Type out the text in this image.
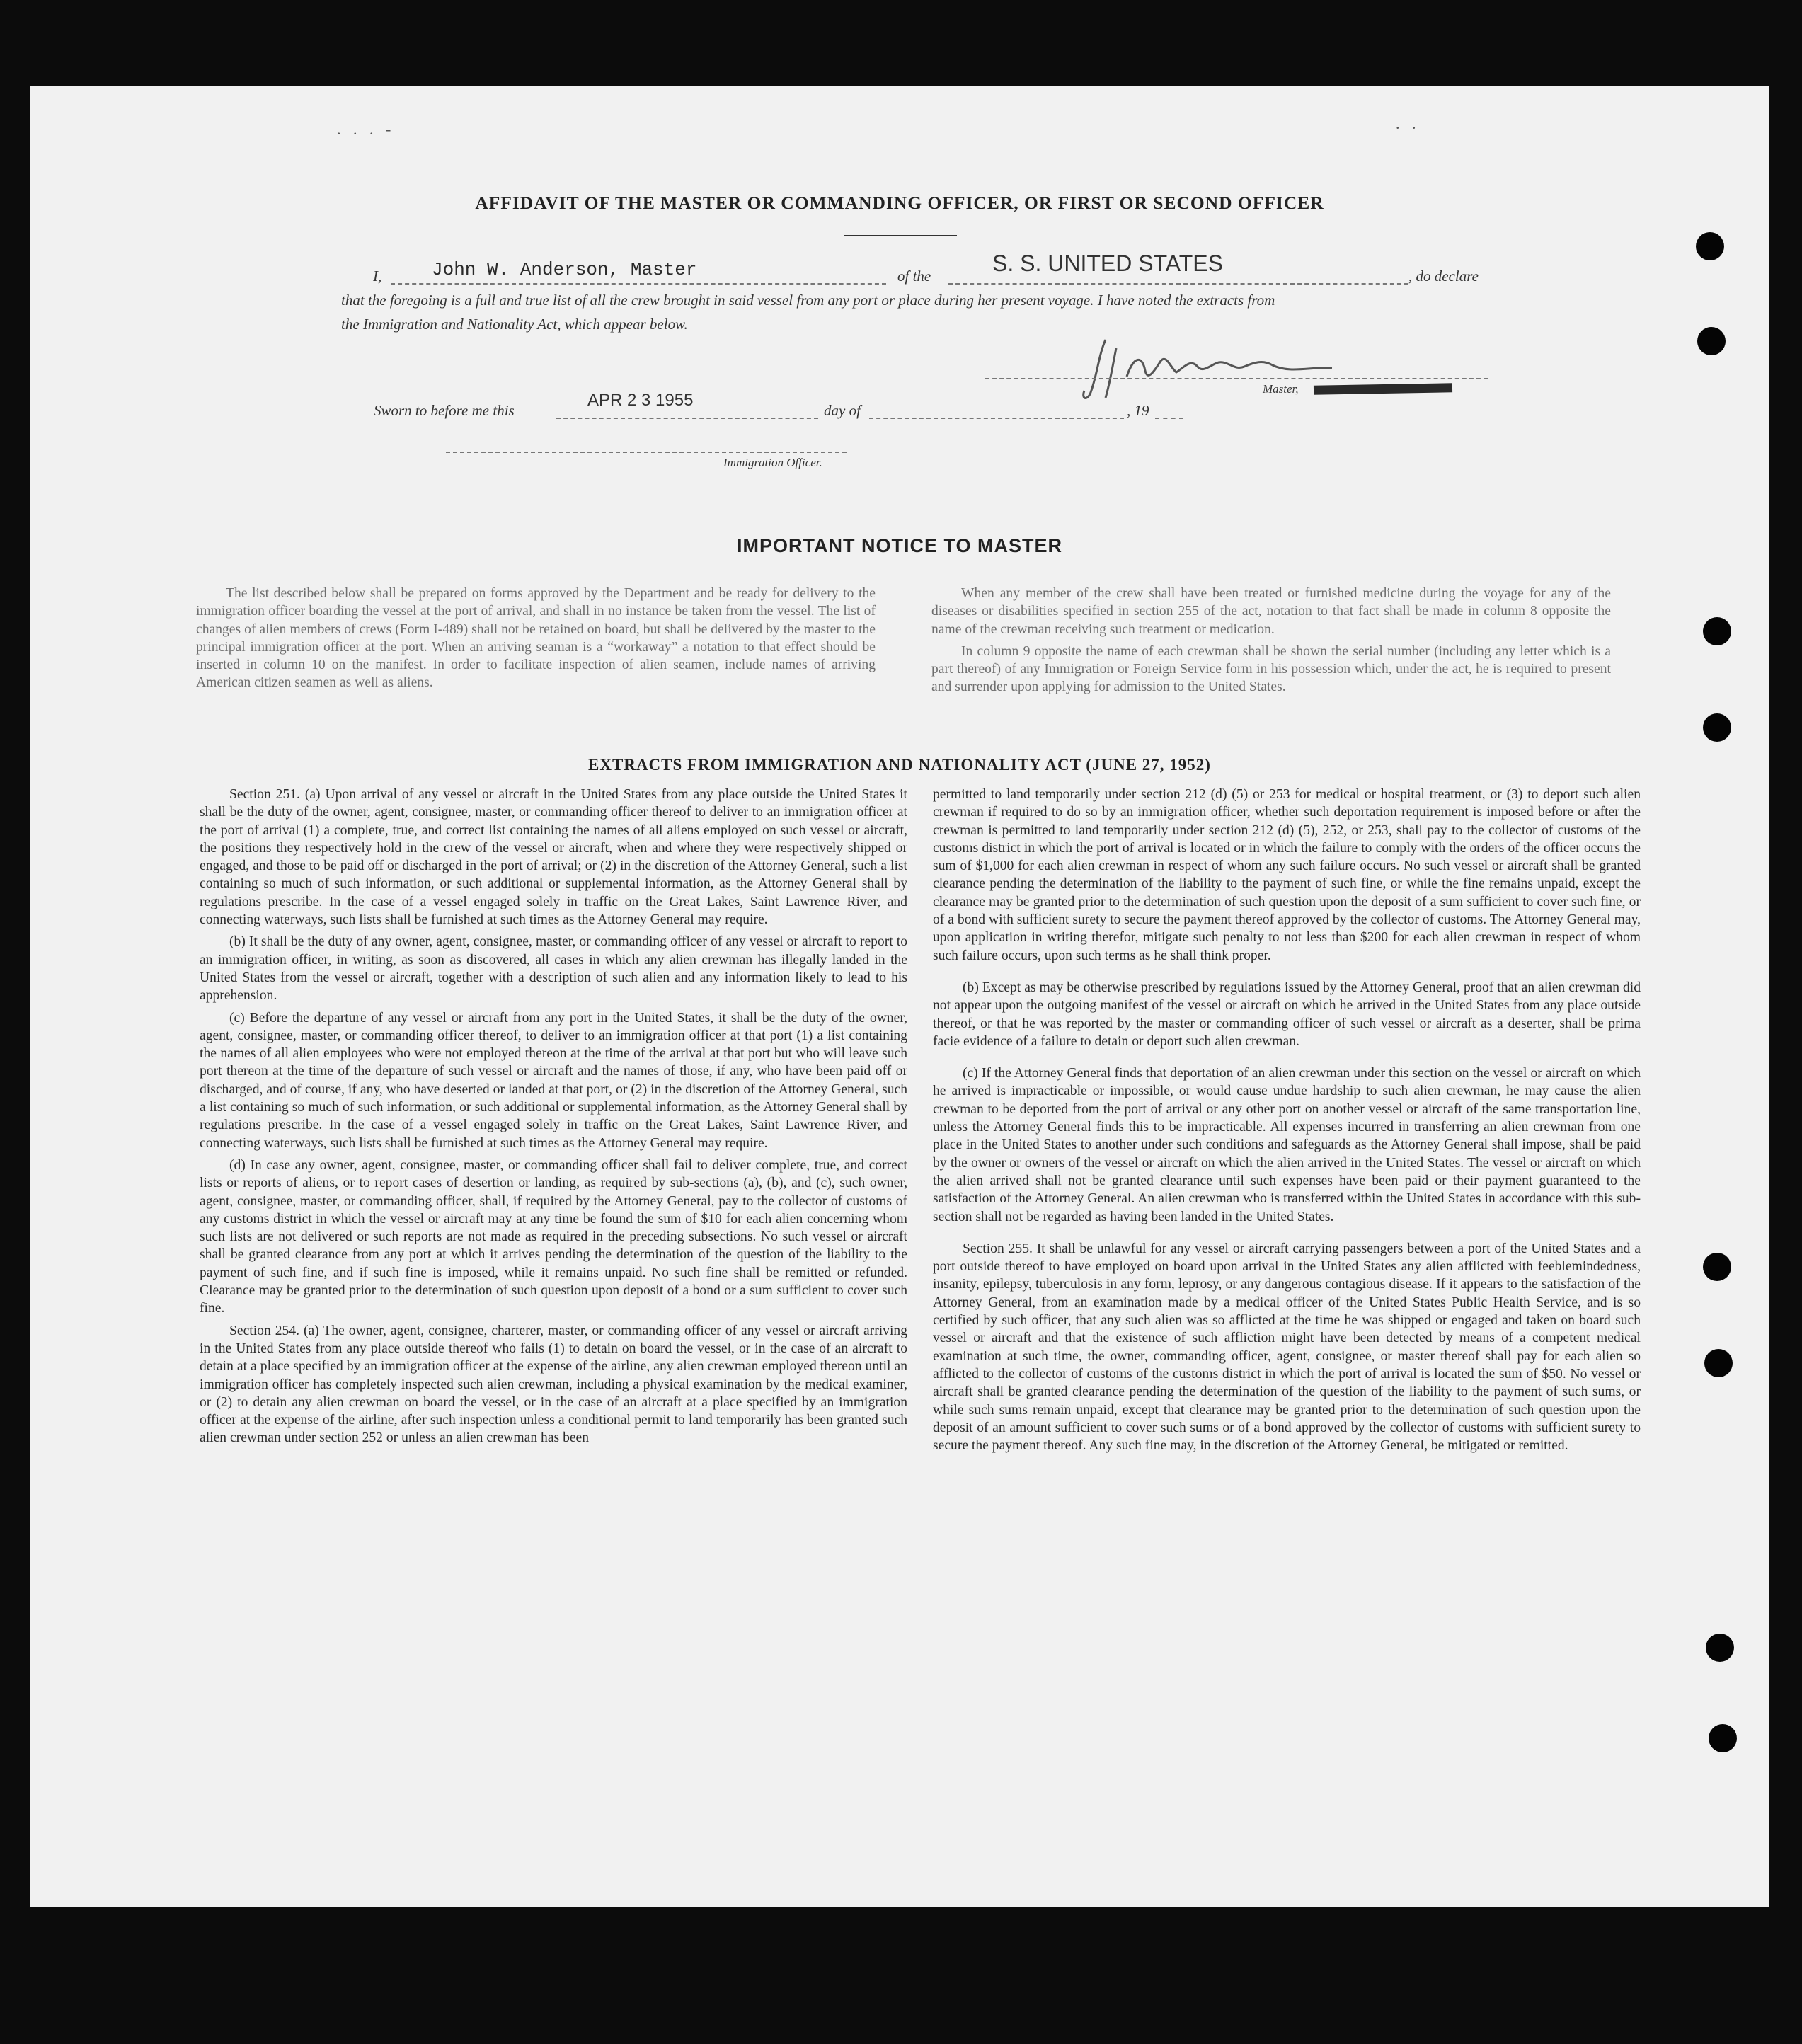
. . . -	. .
AFFIDAVIT OF THE MASTER OR COMMANDING OFFICER, OR FIRST OR SECOND OFFICER
I,	John W. Anderson, Master	of the	S. S. UNITED STATES	, do declare
that the foregoing is a full and true list of all the crew brought in said vessel from any port or place during her present voyage. I have noted the extracts from
the Immigration and Nationality Act, which appear below.
Master,
Sworn to before me this
APR 2 3 1955
day of	, 19
Immigration Officer.
IMPORTANT NOTICE TO MASTER

The list described below shall be prepared on forms approved by the Department and be ready for delivery to the immigration officer boarding the vessel at the port of arrival, and shall in no instance be taken from the vessel. The list of changes of alien members of crews (Form I-489) shall not be retained on board, but shall be delivered by the master to the principal immigration officer at the port. When an arriving seaman is a “workaway” a notation to that effect should be inserted in column 10 on the manifest. In order to facilitate inspection of alien seamen, include names of arriving American citizen seamen as well as aliens.

When any member of the crew shall have been treated or furnished medicine during the voyage for any of the diseases or disabilities specified in section 255 of the act, notation to that fact shall be made in column 8 opposite the name of the crewman receiving such treatment or medication.

In column 9 opposite the name of each crewman shall be shown the serial number (including any letter which is a part thereof) of any Immigration or Foreign Service form in his possession which, under the act, he is required to present and surrender upon applying for admission to the United States.

EXTRACTS FROM IMMIGRATION AND NATIONALITY ACT (JUNE 27, 1952)

Section 251. (a) Upon arrival of any vessel or aircraft in the United States from any place outside the United States it shall be the duty of the owner, agent, consignee, master, or commanding officer thereof to deliver to an immigration officer at the port of arrival (1) a complete, true, and correct list containing the names of all aliens employed on such vessel or aircraft, the positions they respectively hold in the crew of the vessel or aircraft, when and where they were respectively shipped or engaged, and those to be paid off or discharged in the port of arrival; or (2) in the discretion of the Attorney General, such a list containing so much of such information, or such additional or supplemental information, as the Attorney General shall by regulations prescribe. In the case of a vessel engaged solely in traffic on the Great Lakes, Saint Lawrence River, and connecting waterways, such lists shall be furnished at such times as the Attorney General may require.

(b) It shall be the duty of any owner, agent, consignee, master, or commanding officer of any vessel or aircraft to report to an immigration officer, in writing, as soon as discovered, all cases in which any alien crewman has illegally landed in the United States from the vessel or aircraft, together with a description of such alien and any information likely to lead to his apprehension.

(c) Before the departure of any vessel or aircraft from any port in the United States, it shall be the duty of the owner, agent, consignee, master, or commanding officer thereof, to deliver to an immigration officer at that port (1) a list containing the names of all alien employees who were not employed thereon at the time of the arrival at that port but who will leave such port thereon at the time of the departure of such vessel or aircraft and the names of those, if any, who have been paid off or discharged, and of course, if any, who have deserted or landed at that port, or (2) in the discretion of the Attorney General, such a list containing so much of such information, or such additional or supplemental information, as the Attorney General shall by regulations prescribe. In the case of a vessel engaged solely in traffic on the Great Lakes, Saint Lawrence River, and connecting waterways, such lists shall be furnished at such times as the Attorney General may require.

(d) In case any owner, agent, consignee, master, or commanding officer shall fail to deliver complete, true, and correct lists or reports of aliens, or to report cases of desertion or landing, as required by sub-sections (a), (b), and (c), such owner, agent, consignee, master, or commanding officer, shall, if required by the Attorney General, pay to the collector of customs of any customs district in which the vessel or aircraft may at any time be found the sum of $10 for each alien concerning whom such lists are not delivered or such reports are not made as required in the preceding subsections. No such vessel or aircraft shall be granted clearance from any port at which it arrives pending the determination of the question of the liability to the payment of such fine, and if such fine is imposed, while it remains unpaid. No such fine shall be remitted or refunded. Clearance may be granted prior to the determination of such question upon deposit of a bond or a sum sufficient to cover such fine.

Section 254. (a) The owner, agent, consignee, charterer, master, or commanding officer of any vessel or aircraft arriving in the United States from any place outside thereof who fails (1) to detain on board the vessel, or in the case of an aircraft to detain at a place specified by an immigration officer at the expense of the airline, any alien crewman employed thereon until an immigration officer has completely inspected such alien crewman, including a physical examination by the medical examiner, or (2) to detain any alien crewman on board the vessel, or in the case of an aircraft at a place specified by an immigration officer at the expense of the airline, after such inspection unless a conditional permit to land temporarily has been granted such alien crewman under section 252 or unless an alien crewman has been

permitted to land temporarily under section 212 (d) (5) or 253 for medical or hospital treatment, or (3) to deport such alien crewman if required to do so by an immigration officer, whether such deportation requirement is imposed before or after the crewman is permitted to land temporarily under section 212 (d) (5), 252, or 253, shall pay to the collector of customs of the customs district in which the port of arrival is located or in which the failure to comply with the orders of the officer occurs the sum of $1,000 for each alien crewman in respect of whom any such failure occurs. No such vessel or aircraft shall be granted clearance pending the determination of the liability to the payment of such fine, or while the fine remains unpaid, except the clearance may be granted prior to the determination of such question upon the deposit of a sum sufficient to cover such fine, or of a bond with sufficient surety to secure the payment thereof approved by the collector of customs. The Attorney General may, upon application in writing therefor, mitigate such penalty to not less than $200 for each alien crewman in respect of whom such failure occurs, upon such terms as he shall think proper.

(b) Except as may be otherwise prescribed by regulations issued by the Attorney General, proof that an alien crewman did not appear upon the outgoing manifest of the vessel or aircraft on which he arrived in the United States from any place outside thereof, or that he was reported by the master or commanding officer of such vessel or aircraft as a deserter, shall be prima facie evidence of a failure to detain or deport such alien crewman.

(c) If the Attorney General finds that deportation of an alien crewman under this section on the vessel or aircraft on which he arrived is impracticable or impossible, or would cause undue hardship to such alien crewman, he may cause the alien crewman to be deported from the port of arrival or any other port on another vessel or aircraft of the same transportation line, unless the Attorney General finds this to be impracticable. All expenses incurred in transferring an alien crewman from one place in the United States to another under such conditions and safeguards as the Attorney General shall impose, shall be paid by the owner or owners of the vessel or aircraft on which the alien arrived in the United States. The vessel or aircraft on which the alien arrived shall not be granted clearance until such expenses have been paid or their payment guaranteed to the satisfaction of the Attorney General. An alien crewman who is transferred within the United States in accordance with this sub-section shall not be regarded as having been landed in the United States.

Section 255. It shall be unlawful for any vessel or aircraft carrying passengers between a port of the United States and a port outside thereof to have employed on board upon arrival in the United States any alien afflicted with feeblemindedness, insanity, epilepsy, tuberculosis in any form, leprosy, or any dangerous contagious disease. If it appears to the satisfaction of the Attorney General, from an examination made by a medical officer of the United States Public Health Service, and is so certified by such officer, that any such alien was so afflicted at the time he was shipped or engaged and taken on board such vessel or aircraft and that the existence of such affliction might have been detected by means of a competent medical examination at such time, the owner, commanding officer, agent, consignee, or master thereof shall pay for each alien so afflicted to the collector of customs of the customs district in which the port of arrival is located the sum of $50. No vessel or aircraft shall be granted clearance pending the determination of the question of the liability to the payment of such sums, or while such sums remain unpaid, except that clearance may be granted prior to the determination of such question upon the deposit of an amount sufficient to cover such sums or of a bond approved by the collector of customs with sufficient surety to secure the payment thereof. Any such fine may, in the discretion of the Attorney General, be mitigated or remitted.
